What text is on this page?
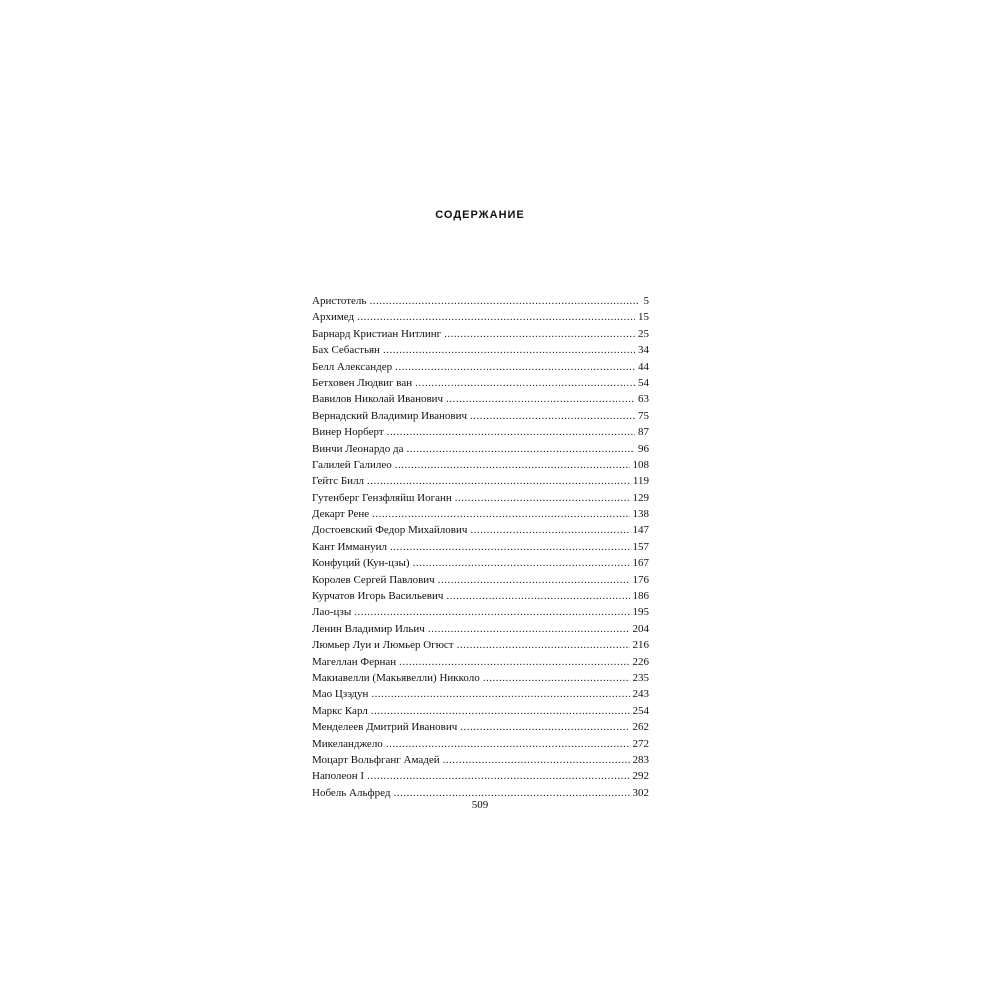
СОДЕРЖАНИЕ
Аристотель .....	5
Архимед .....	15
Барнард Кристиан Нитлинг .....	25
Бах Себастьян .....	34
Белл Александер .....	44
Бетховен Людвиг ван .....	54
Вавилов Николай Иванович .....	63
Вернадский Владимир Иванович .....	75
Винер Норберт .....	87
Винчи Леонардо да .....	96
Галилей Галилео .....	108
Гейтс Билл .....	119
Гутенберг Гензфляйш Иоганн .....	129
Декарт Рене .....	138
Достоевский Федор Михайлович .....	147
Кант Иммануил .....	157
Конфуций (Кун-цзы) .....	167
Королев Сергей Павлович .....	176
Курчатов Игорь Васильевич .....	186
Лао-цзы .....	195
Ленин Владимир Ильич .....	204
Люмьер Луи и Люмьер Огюст .....	216
Магеллан Фернан .....	226
Макиавелли (Макьявелли) Никколо .....	235
Мао Цзэдун .....	243
Маркс Карл .....	254
Менделеев Дмитрий Иванович .....	262
Микеланджело .....	272
Моцарт Вольфганг Амадей .....	283
Наполеон I .....	292
Нобель Альфред .....	302
509
